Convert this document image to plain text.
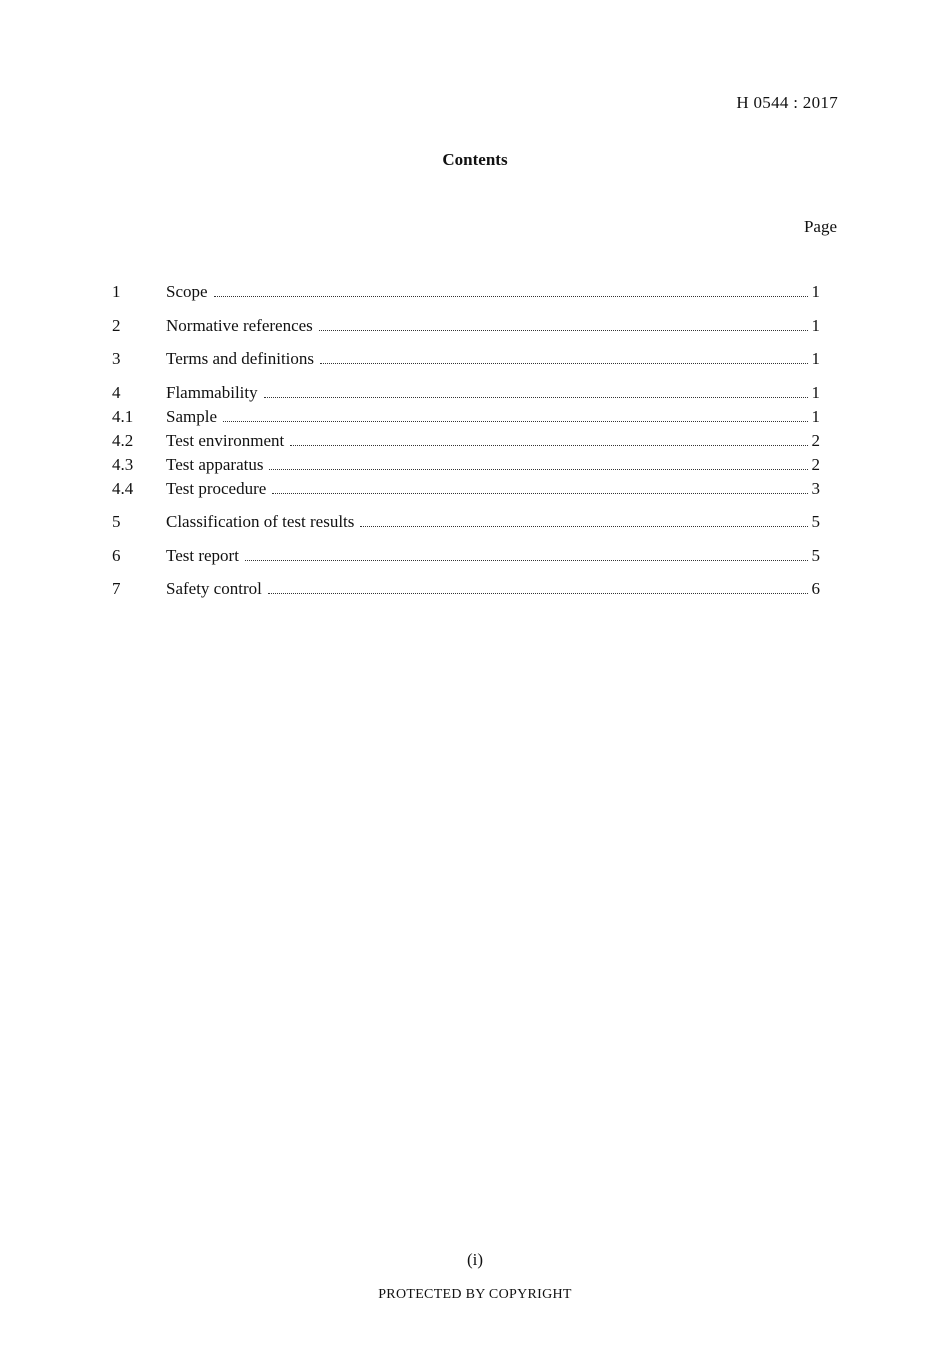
H 0544 : 2017
Contents
Page
1	Scope	1
2	Normative references	1
3	Terms and definitions	1
4	Flammability	1
4.1	Sample	1
4.2	Test environment	2
4.3	Test apparatus	2
4.4	Test procedure	3
5	Classification of test results	5
6	Test report	5
7	Safety control	6
(i)
PROTECTED BY COPYRIGHT
